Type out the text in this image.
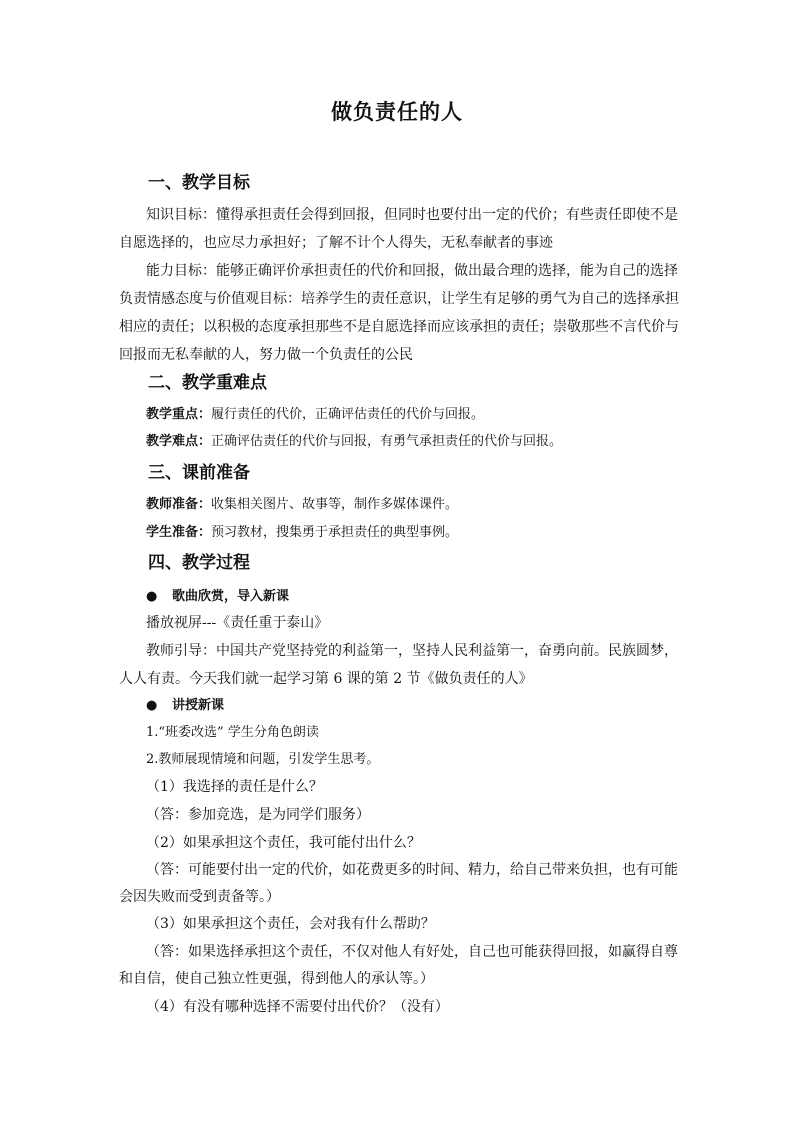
做负责任的人
一、教学目标
知识目标：懂得承担责任会得到回报，但同时也要付出一定的代价；有些责任即使不是
自愿选择的，也应尽力承担好；了解不计个人得失，无私奉献者的事迹
能力目标：能够正确评价承担责任的代价和回报，做出最合理的选择，能为自己的选择
负责情感态度与价值观目标：培养学生的责任意识，让学生有足够的勇气为自己的选择承担
相应的责任；以积极的态度承担那些不是自愿选择而应该承担的责任；崇敬那些不言代价与
回报而无私奉献的人，努力做一个负责任的公民
二、教学重难点
教学重点：履行责任的代价，正确评估责任的代价与回报。
教学难点：正确评估责任的代价与回报，有勇气承担责任的代价与回报。
三、课前准备
教师准备：收集相关图片、故事等，制作多媒体课件。
学生准备：预习教材，搜集勇于承担责任的典型事例。
四、教学过程
● 歌曲欣赏，导入新课
播放视屏---《责任重于泰山》
教师引导：中国共产党坚持党的利益第一，坚持人民利益第一，奋勇向前。民族圆梦，
人人有责。今天我们就一起学习第 6 课的第 2 节《做负责任的人》
● 讲授新课
1.“班委改选” 学生分角色朗读
2.教师展现情境和问题，引发学生思考。
（1）我选择的责任是什么？
（答：参加竞选，是为同学们服务）
（2）如果承担这个责任，我可能付出什么？
（答：可能要付出一定的代价，如花费更多的时间、精力，给自己带来负担，也有可能
会因失败而受到责备等。）
（3）如果承担这个责任，会对我有什么帮助？
（答：如果选择承担这个责任，不仅对他人有好处，自己也可能获得回报，如赢得自尊
和自信，使自己独立性更强，得到他人的承认等。）
（4）有没有哪种选择不需要付出代价？（没有）
